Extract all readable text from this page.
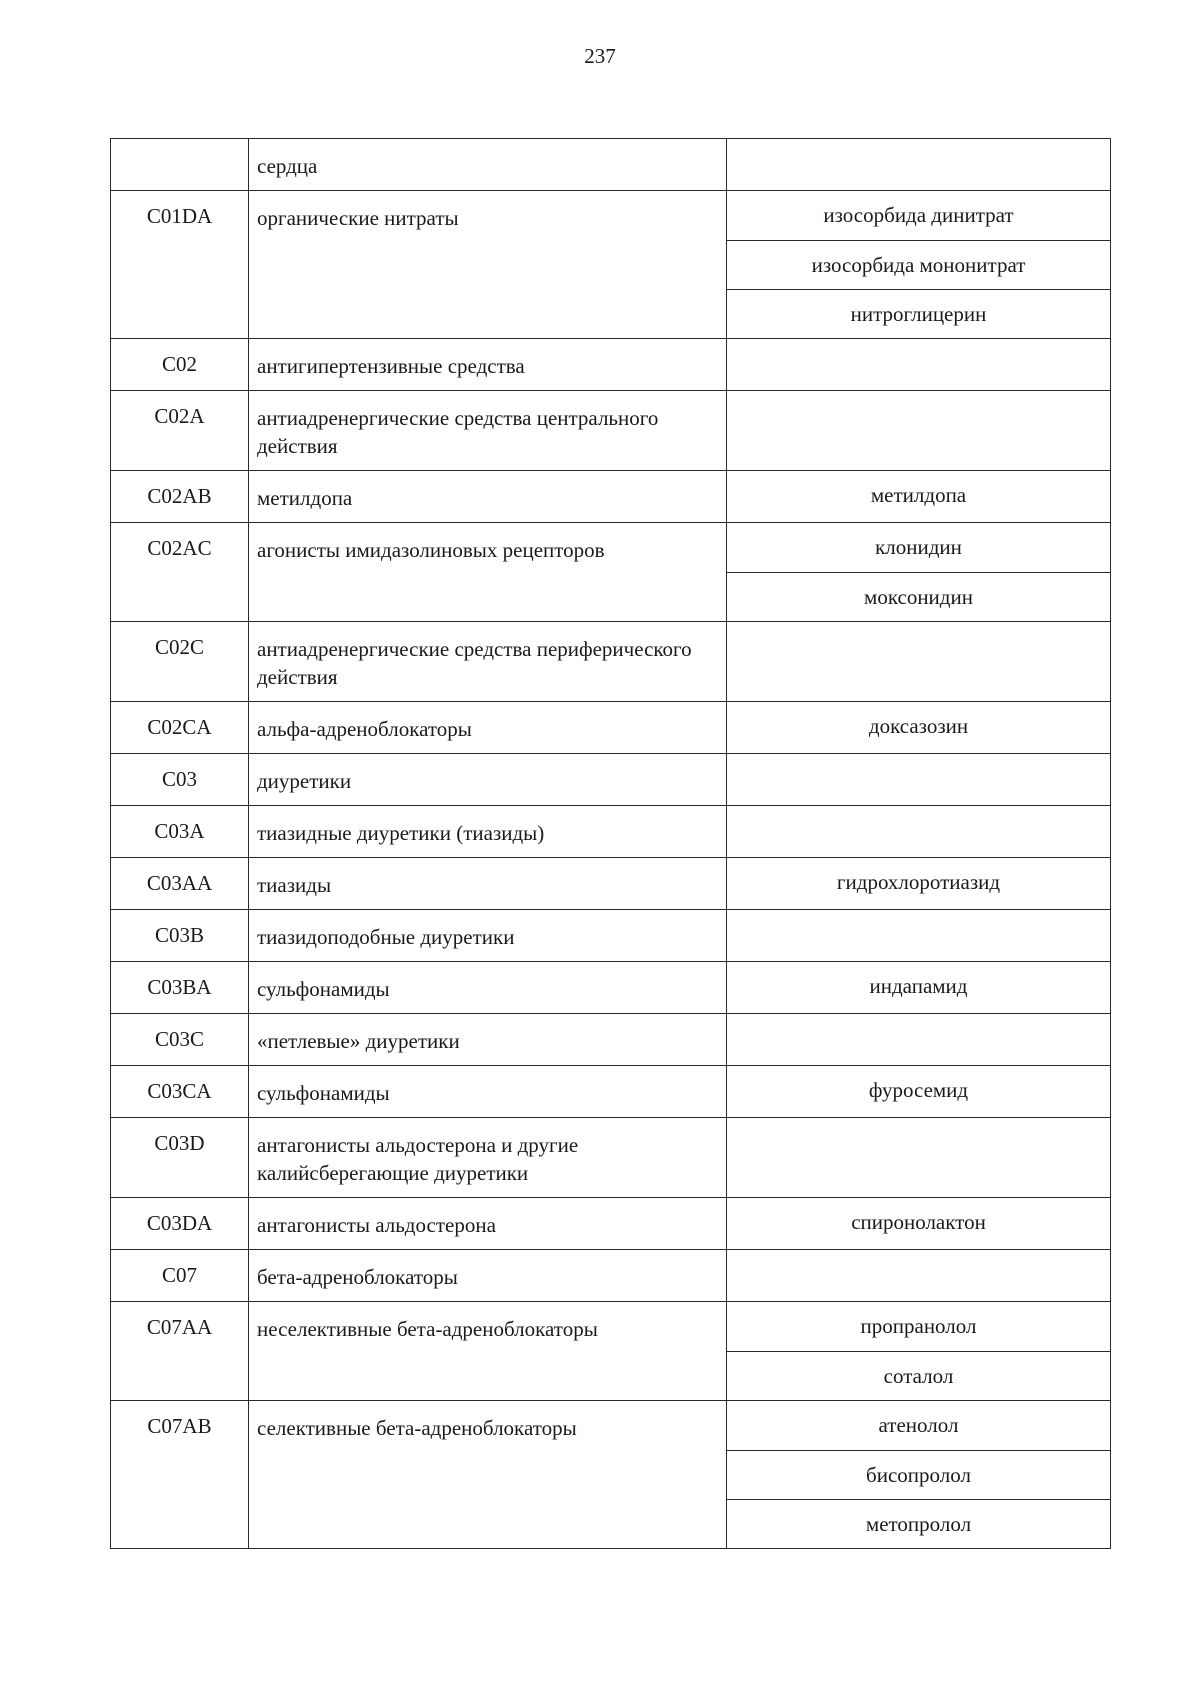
237
	сердца	

C01DA	органические нитраты	изосорбида динитрат
изосорбида мононитрат
нитроглицерин

C02	антигипертензивные средства	

C02A	антиадренергические средства центрального действия	

C02AB	метилдопа	метилдопа

C02AC	агонисты имидазолиновых рецепторов	клонидин
моксонидин

C02C	антиадренергические средства периферического действия	

C02CA	альфа-адреноблокаторы	доксазозин

C03	диуретики	

C03A	тиазидные диуретики (тиазиды)	

C03AA	тиазиды	гидрохлоротиазид

C03B	тиазидоподобные диуретики	

C03BA	сульфонамиды	индапамид

C03C	«петлевые» диуретики	

C03CA	сульфонамиды	фуросемид

C03D	антагонисты альдостерона и другие калийсберегающие диуретики	

C03DA	антагонисты альдостерона	спиронолактон

C07	бета-адреноблокаторы	

C07AA	неселективные бета-адреноблокаторы	пропранолол
соталол

C07AB	селективные бета-адреноблокаторы	атенолол
бисопролол
метопролол
